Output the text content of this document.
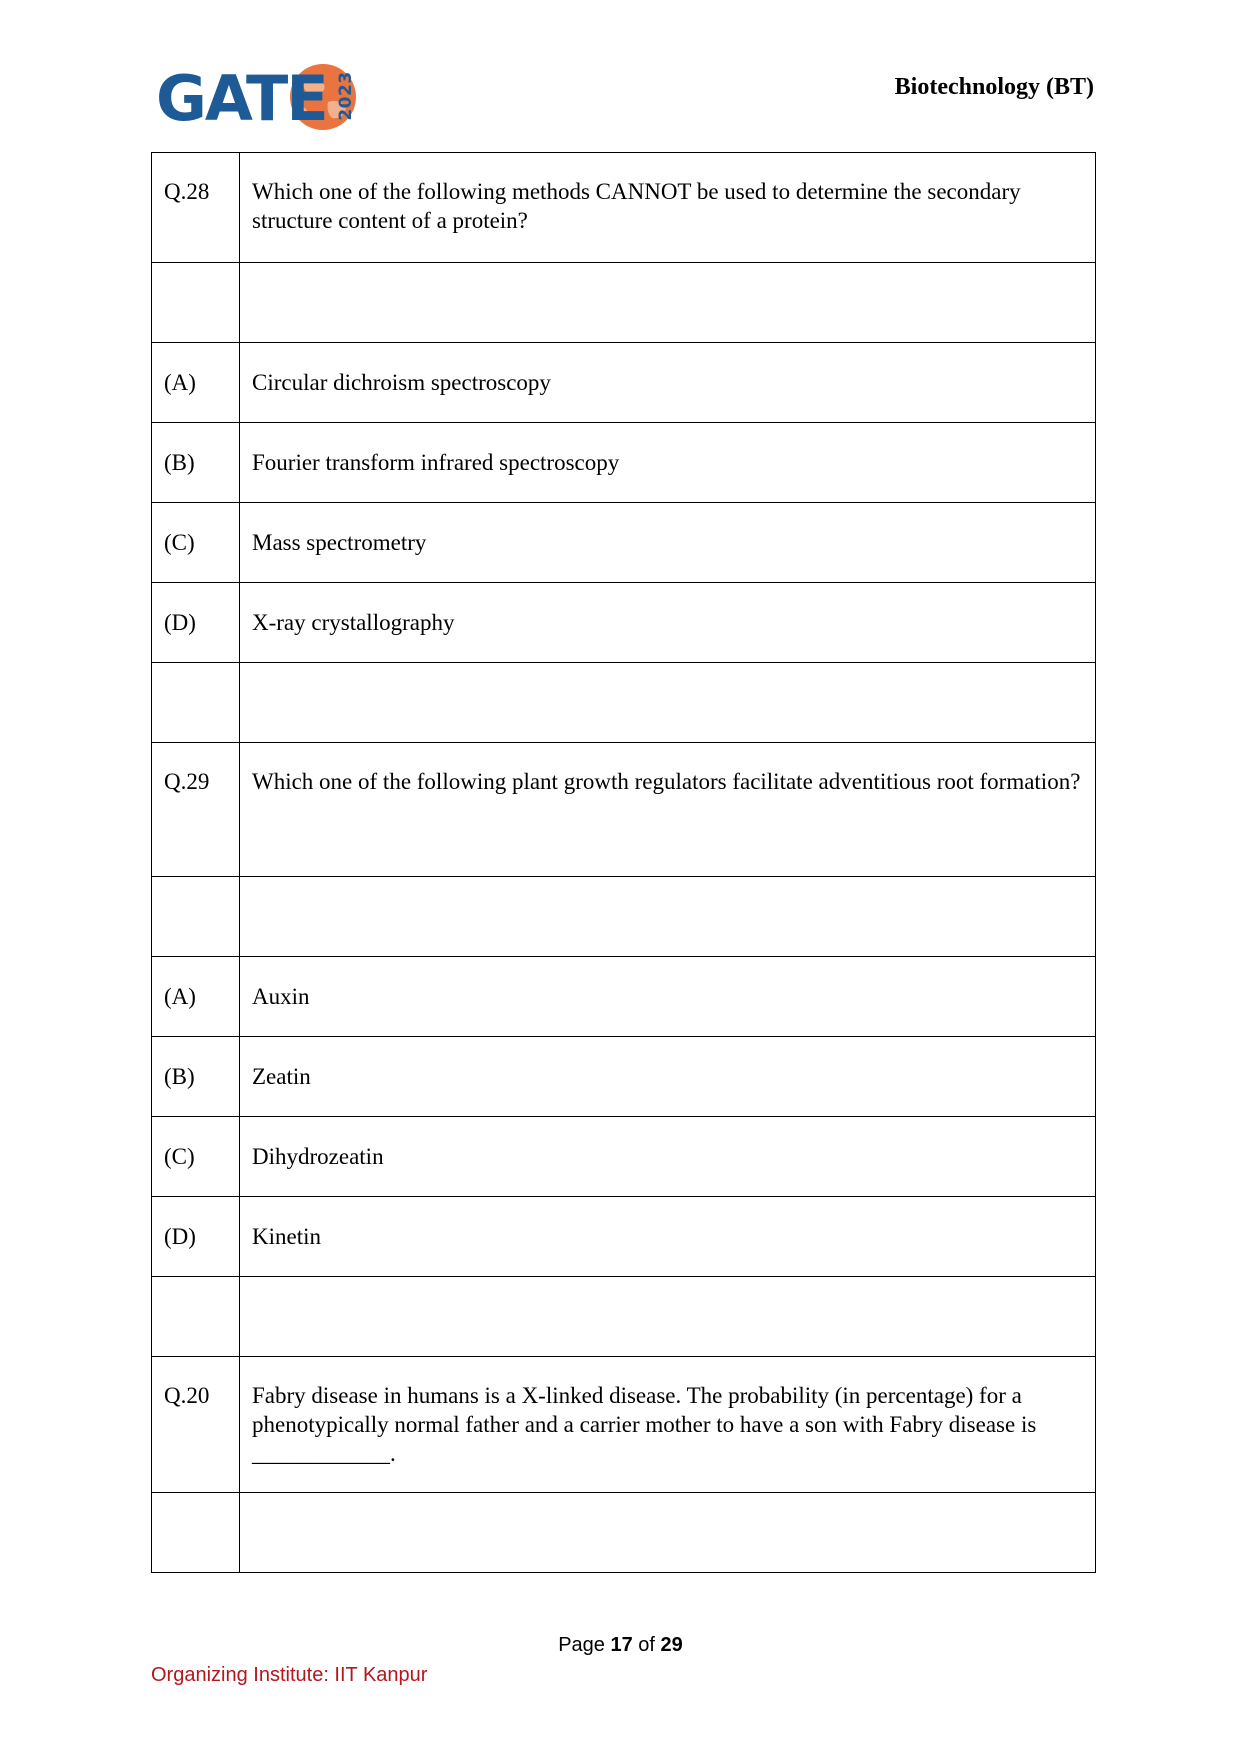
GATE 2023	Biotechnology (BT)
Q.28	Which one of the following methods CANNOT be used to determine the secondary structure content of a protein?

(A)	Circular dichroism spectroscopy
(B)	Fourier transform infrared spectroscopy
(C)	Mass spectrometry
(D)	X-ray crystallography

Q.29	Which one of the following plant growth regulators facilitate adventitious root formation?

(A)	Auxin
(B)	Zeatin
(C)	Dihydrozeatin
(D)	Kinetin

Q.20	Fabry disease in humans is a X-linked disease. The probability (in percentage) for a phenotypically normal father and a carrier mother to have a son with Fabry disease is ____________.

Page 17 of 29
Organizing Institute: IIT Kanpur
